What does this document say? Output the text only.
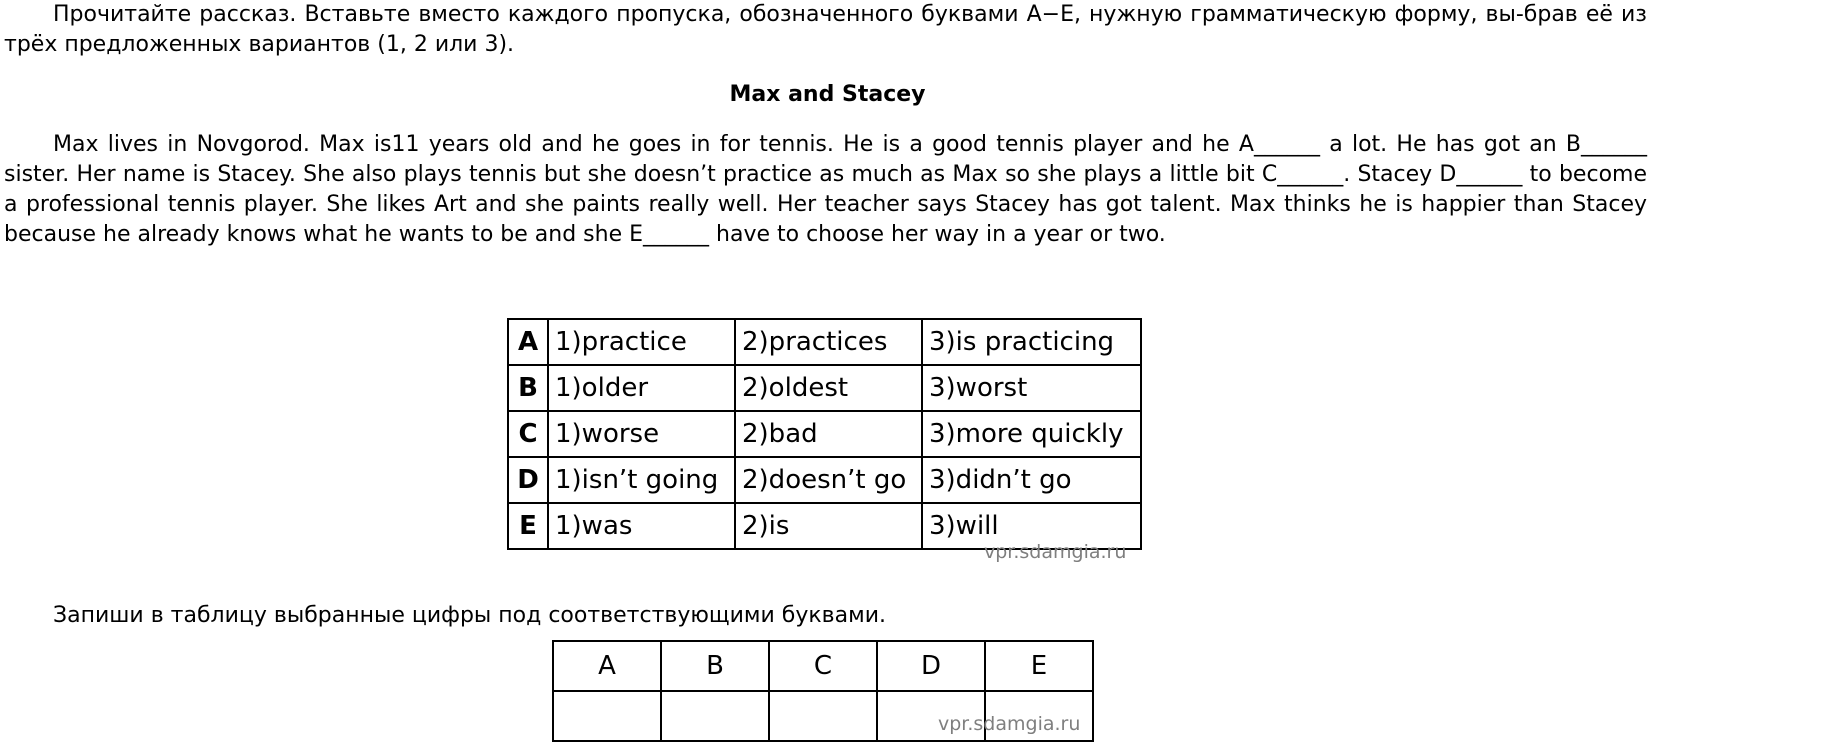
Прочитайте рассказ. Вставьте вместо каждого пропуска, обозначенного буквами A−E, нужную грамматическую форму, вы-брав её из трёх предложенных вариантов (1, 2 или 3).

Max and Stacey

Max lives in Novgorod. Max is11 years old and he goes in for tennis. He is a good tennis player and he A______ a lot. He has got an B______ sister. Her name is Stacey. She also plays tennis but she doesn’t practice as much as Max so she plays a little bit C______. Stacey D______ to become a professional tennis player. She likes Art and she paints really well. Her teacher says Stacey has got talent. Max thinks he is happier than Stacey because he already knows what he wants to be and she E______ have to choose her way in a year or two.

A	1)practice	2)practices	3)is practicing
B	1)older	2)oldest	3)worst
C	1)worse	2)bad	3)more quickly
D	1)isn’t going	2)doesn’t go	3)didn’t go
E	1)was	2)is	3)will
vpr.sdamgia.ru

Запиши в таблицу выбранные цифры под соответствующими буквами.

A	B	C	D	E

vpr.sdamgia.ru
